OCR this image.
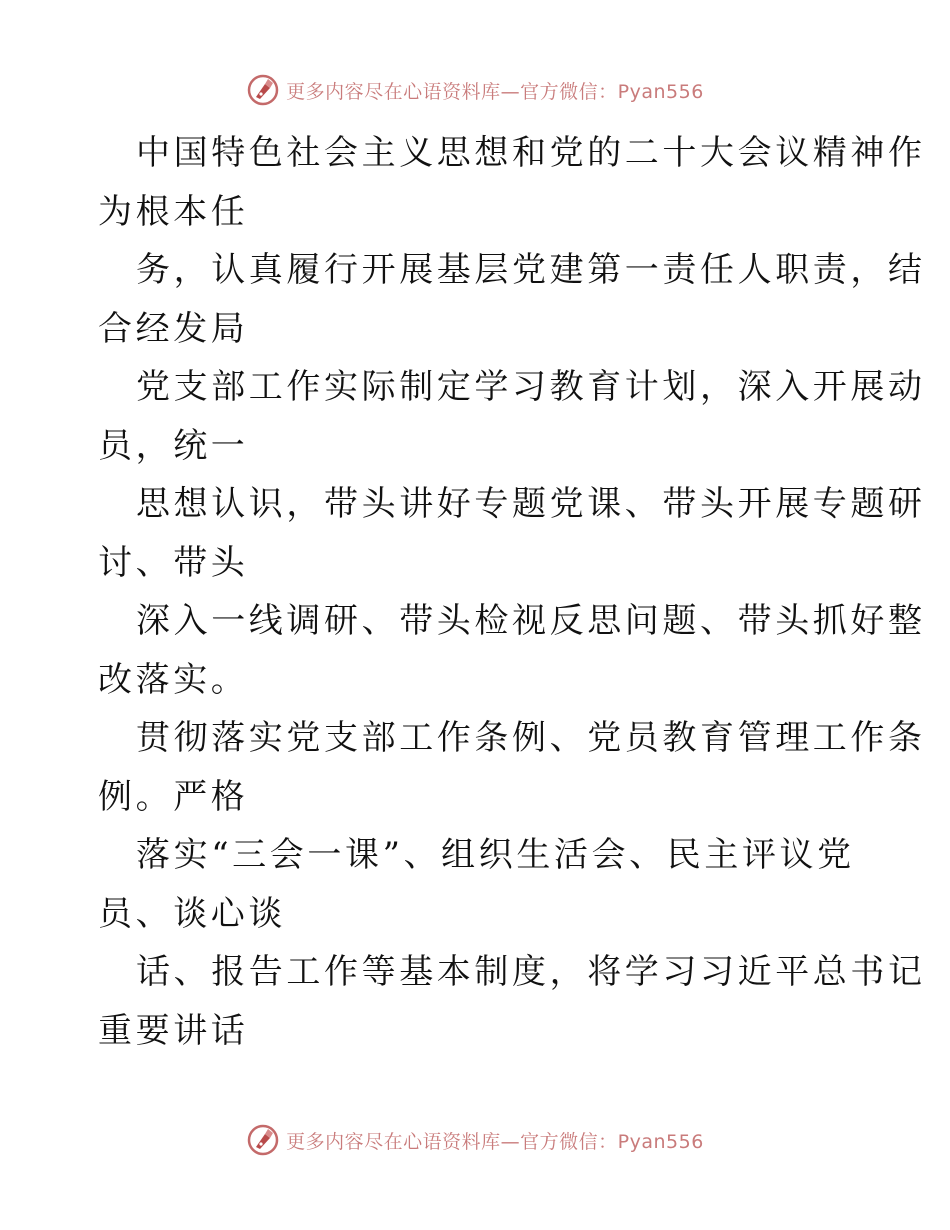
更多内容尽在心语资料库—官方微信：Pyan556
中国特色社会主义思想和党的二十大会议精神作
为根本任
务，认真履行开展基层党建第一责任人职责，结
合经发局
党支部工作实际制定学习教育计划，深入开展动
员，统一
思想认识，带头讲好专题党课、带头开展专题研
讨、带头
深入一线调研、带头检视反思问题、带头抓好整
改落实。
贯彻落实党支部工作条例、党员教育管理工作条
例。严格
落实“三会一课”、组织生活会、民主评议党
员、谈心谈
话、报告工作等基本制度，将学习习近平总书记
重要讲话
更多内容尽在心语资料库—官方微信：Pyan556
